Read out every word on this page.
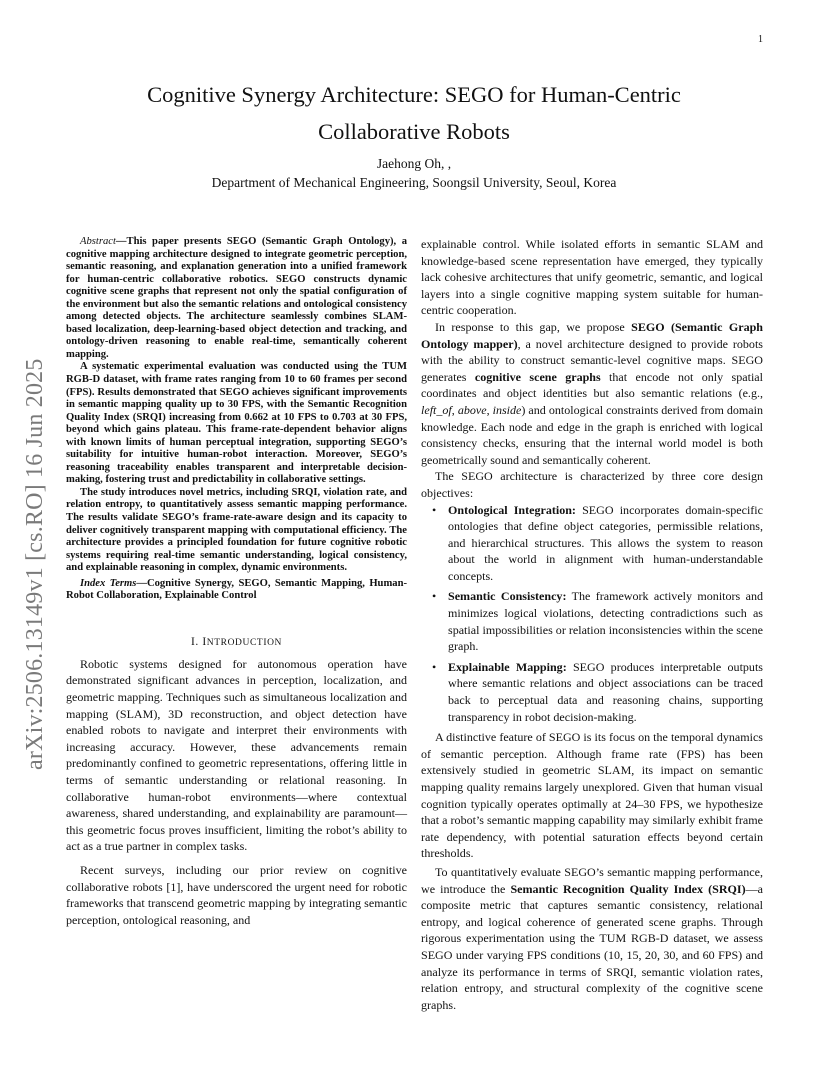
1
arXiv:2506.13149v1 [cs.RO] 16 Jun 2025
Cognitive Synergy Architecture: SEGO for Human-Centric
Collaborative Robots
Jaehong Oh, ,
Department of Mechanical Engineering, Soongsil University, Seoul, Korea

Abstract—This paper presents SEGO (Semantic Graph Ontology), a cognitive mapping architecture designed to integrate geometric perception, semantic reasoning, and explanation generation into a unified framework for human-centric collaborative robotics. SEGO constructs dynamic cognitive scene graphs that represent not only the spatial configuration of the environment but also the semantic relations and ontological consistency among detected objects. The architecture seamlessly combines SLAM-based localization, deep-learning-based object detection and tracking, and ontology-driven reasoning to enable real-time, semantically coherent mapping.

A systematic experimental evaluation was conducted using the TUM RGB-D dataset, with frame rates ranging from 10 to 60 frames per second (FPS). Results demonstrated that SEGO achieves significant improvements in semantic mapping quality up to 30 FPS, with the Semantic Recognition Quality Index (SRQI) increasing from 0.662 at 10 FPS to 0.703 at 30 FPS, beyond which gains plateau. This frame-rate-dependent behavior aligns with known limits of human perceptual integration, supporting SEGO’s suitability for intuitive human-robot interaction. Moreover, SEGO’s reasoning traceability enables transparent and interpretable decision-making, fostering trust and predictability in collaborative settings.

The study introduces novel metrics, including SRQI, violation rate, and relation entropy, to quantitatively assess semantic mapping performance. The results validate SEGO’s frame-rate-aware design and its capacity to deliver cognitively transparent mapping with computational efficiency. The architecture provides a principled foundation for future cognitive robotic systems requiring real-time semantic understanding, logical consistency, and explainable reasoning in complex, dynamic environments.

Index Terms—Cognitive Synergy, SEGO, Semantic Mapping, Human-Robot Collaboration, Explainable Control

I. INTRODUCTION

Robotic systems designed for autonomous operation have demonstrated significant advances in perception, localization, and geometric mapping. Techniques such as simultaneous localization and mapping (SLAM), 3D reconstruction, and object detection have enabled robots to navigate and interpret their environments with increasing accuracy. However, these advancements remain predominantly confined to geometric representations, offering little in terms of semantic understanding or relational reasoning. In collaborative human-robot environments—where contextual awareness, shared understanding, and explainability are paramount—this geometric focus proves insufficient, limiting the robot’s ability to act as a true partner in complex tasks.

Recent surveys, including our prior review on cognitive collaborative robots [1], have underscored the urgent need for robotic frameworks that transcend geometric mapping by integrating semantic perception, ontological reasoning, and

explainable control. While isolated efforts in semantic SLAM and knowledge-based scene representation have emerged, they typically lack cohesive architectures that unify geometric, semantic, and logical layers into a single cognitive mapping system suitable for human-centric cooperation.

In response to this gap, we propose SEGO (Semantic Graph Ontology mapper), a novel architecture designed to provide robots with the ability to construct semantic-level cognitive maps. SEGO generates cognitive scene graphs that encode not only spatial coordinates and object identities but also semantic relations (e.g., left_of, above, inside) and ontological constraints derived from domain knowledge. Each node and edge in the graph is enriched with logical consistency checks, ensuring that the internal world model is both geometrically sound and semantically coherent.

The SEGO architecture is characterized by three core design objectives:

• Ontological Integration: SEGO incorporates domain-specific ontologies that define object categories, permissible relations, and hierarchical structures. This allows the system to reason about the world in alignment with human-understandable concepts.
• Semantic Consistency: The framework actively monitors and minimizes logical violations, detecting contradictions such as spatial impossibilities or relation inconsistencies within the scene graph.
• Explainable Mapping: SEGO produces interpretable outputs where semantic relations and object associations can be traced back to perceptual data and reasoning chains, supporting transparency in robot decision-making.

A distinctive feature of SEGO is its focus on the temporal dynamics of semantic perception. Although frame rate (FPS) has been extensively studied in geometric SLAM, its impact on semantic mapping quality remains largely unexplored. Given that human visual cognition typically operates optimally at 24–30 FPS, we hypothesize that a robot’s semantic mapping capability may similarly exhibit frame rate dependency, with potential saturation effects beyond certain thresholds.

To quantitatively evaluate SEGO’s semantic mapping performance, we introduce the Semantic Recognition Quality Index (SRQI)—a composite metric that captures semantic consistency, relational entropy, and logical coherence of generated scene graphs. Through rigorous experimentation using the TUM RGB-D dataset, we assess SEGO under varying FPS conditions (10, 15, 20, 30, and 60 FPS) and analyze its performance in terms of SRQI, semantic violation rates, relation entropy, and structural complexity of the cognitive scene graphs.
